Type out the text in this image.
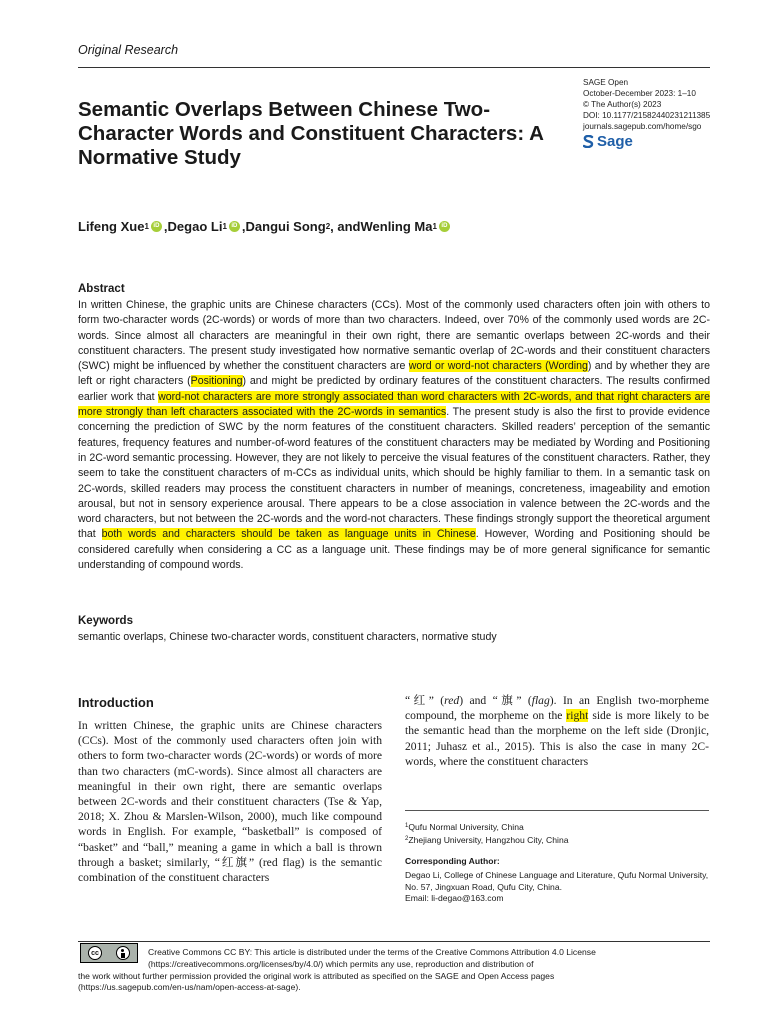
Original Research
SAGE Open
October-December 2023: 1–10
© The Author(s) 2023
DOI: 10.1177/21582440231211385
journals.sagepub.com/home/sgo
Sage
Semantic Overlaps Between Chinese Two-Character Words and Constituent Characters: A Normative Study
Lifeng Xue 1 iD , Degao Li 1 iD , Dangui Song 2 , and Wenling Ma 1 iD
Abstract
In written Chinese, the graphic units are Chinese characters (CCs). Most of the commonly used characters often join with others to form two-character words (2C-words) or words of more than two characters. Indeed, over 70% of the commonly used words are 2C-words. Since almost all characters are meaningful in their own right, there are semantic overlaps between 2C-words and their constituent characters. The present study investigated how normative semantic overlap of 2C-words and their constituent characters (SWC) might be influenced by whether the constituent characters are word or word-not characters (Wording) and by whether they are left or right characters (Positioning) and might be predicted by ordinary features of the constituent characters. The results confirmed earlier work that word-not characters are more strongly associated than word characters with 2C-words, and that right characters are more strongly than left characters associated with the 2C-words in semantics. The present study is also the first to provide evidence concerning the prediction of SWC by the norm features of the constituent characters. Skilled readers’ perception of the semantic features, frequency features and number-of-word features of the constituent characters may be mediated by Wording and Positioning in 2C-word semantic processing. However, they are not likely to perceive the visual features of the constituent characters. Rather, they seem to take the constituent characters of m-CCs as individual units, which should be highly familiar to them. In a semantic task on 2C-words, skilled readers may process the constituent characters in number of meanings, concreteness, imageability and emotion arousal, but not in sensory experience arousal. There appears to be a close association in valence between the 2C-words and the word characters, but not between the 2C-words and the word-not characters. These findings strongly support the theoretical argument that both words and characters should be taken as language units in Chinese. However, Wording and Positioning should be considered carefully when considering a CC as a language unit. These findings may be of more general significance for semantic understanding of compound words.
Keywords
semantic overlaps, Chinese two-character words, constituent characters, normative study
Introduction
In written Chinese, the graphic units are Chinese characters (CCs). Most of the commonly used characters often join with others to form two-character words (2C-words) or words of more than two characters (mC-words). Since almost all characters are meaningful in their own right, there are semantic overlaps between 2C-words and their constituent characters (Tse & Yap, 2018; X. Zhou & Marslen-Wilson, 2000), much like compound words in English. For example, “basketball” is composed of “basket” and “ball,” meaning a game in which a ball is thrown through a basket; similarly, “红旗” (red flag) is the semantic combination of the constituent characters
“红” (red) and “旗” (flag). In an English two-morpheme compound, the morpheme on the right side is more likely to be the semantic head than the morpheme on the left side (Dronjic, 2011; Juhasz et al., 2015). This is also the case in many 2C-words, where the constituent characters
$^1$Qufu Normal University, China
$^2$Zhejiang University, Hangzhou City, China
Corresponding Author:
Degao Li, College of Chinese Language and Literature, Qufu Normal University, No. 57, Jingxuan Road, Qufu City, China.
Email: li-degao@163.com
cc	Creative Commons CC BY: This article is distributed under the terms of the Creative Commons Attribution 4.0 License
(https://creativecommons.org/licenses/by/4.0/) which permits any use, reproduction and distribution of
the work without further permission provided the original work is attributed as specified on the SAGE and Open Access pages
(https://us.sagepub.com/en-us/nam/open-access-at-sage).
